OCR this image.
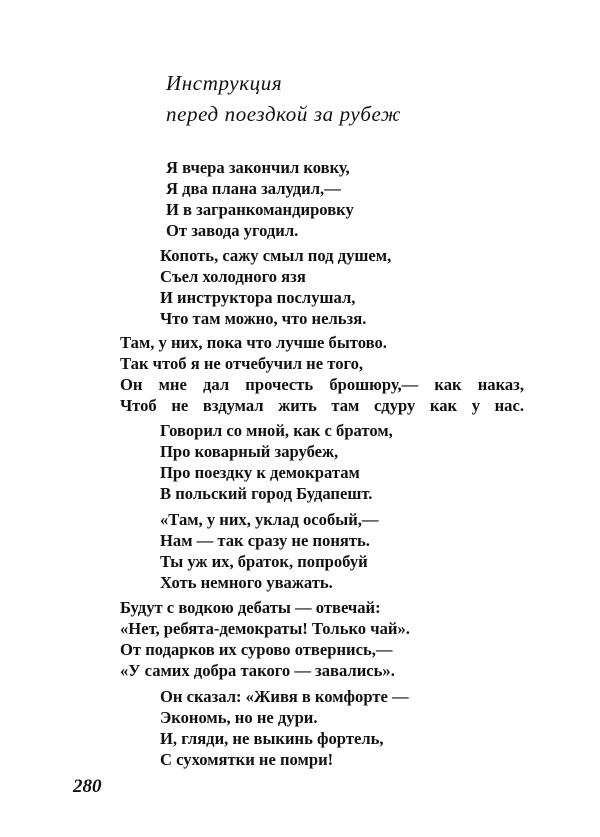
Инструкция
перед поездкой за рубеж
Я вчера закончил ковку,
Я два плана залудил,—
И в загранкомандировку
От завода угодил.
Копоть, сажу смыл под душем,
Съел холодного язя
И инструктора послушал,
Что там можно, что нельзя.
Там, у них, пока что лучше бытово.
Так чтоб я не отчебучил не того,
Он мне дал прочесть брошюру,— как наказ,
Чтоб не вздумал жить там сдуру как у нас.
Говорил со мной, как с братом,
Про коварный зарубеж,
Про поездку к демократам
В польский город Будапешт.
«Там, у них, уклад особый,—
Нам — так сразу не понять.
Ты уж их, браток, попробуй
Хоть немного уважать.
Будут с водкою дебаты — отвечай:
«Нет, ребята-демократы! Только чай».
От подарков их сурово отвернись,—
«У самих добра такого — завались».
Он сказал: «Живя в комфорте —
Экономь, но не дури.
И, гляди, не выкинь фортель,
С сухомятки не помри!
280
